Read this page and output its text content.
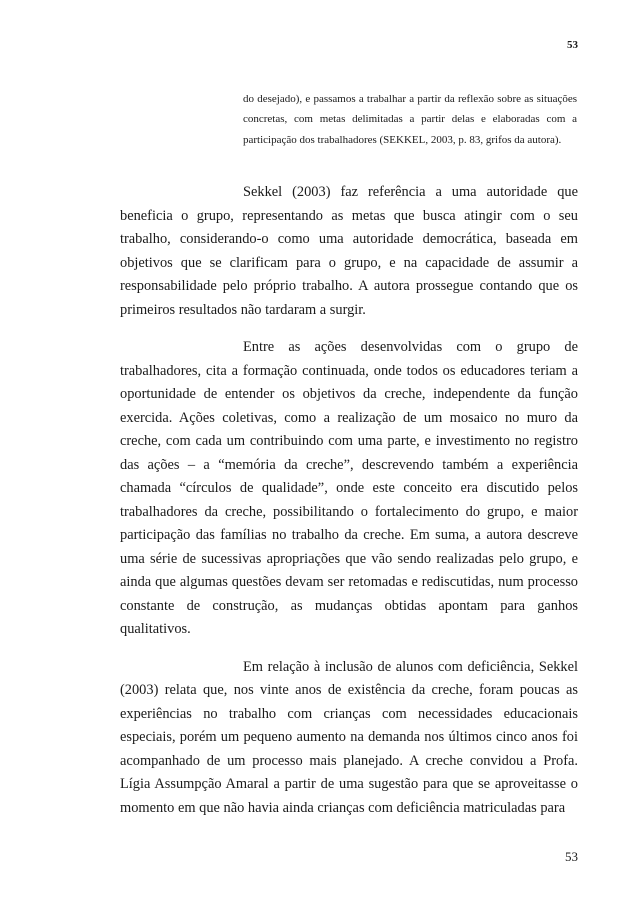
53
do desejado), e passamos a trabalhar a partir da reflexão sobre as situações concretas, com metas delimitadas a partir delas e elaboradas com a participação dos trabalhadores (SEKKEL, 2003, p. 83, grifos da autora).

Sekkel (2003) faz referência a uma autoridade que beneficia o grupo, representando as metas que busca atingir com o seu trabalho, considerando-o como uma autoridade democrática, baseada em objetivos que se clarificam para o grupo, e na capacidade de assumir a responsabilidade pelo próprio trabalho. A autora prossegue contando que os primeiros resultados não tardaram a surgir.

Entre as ações desenvolvidas com o grupo de trabalhadores, cita a formação continuada, onde todos os educadores teriam a oportunidade de entender os objetivos da creche, independente da função exercida. Ações coletivas, como a realização de um mosaico no muro da creche, com cada um contribuindo com uma parte, e investimento no registro das ações – a “memória da creche”, descrevendo também a experiência chamada “círculos de qualidade”, onde este conceito era discutido pelos trabalhadores da creche, possibilitando o fortalecimento do grupo, e maior participação das famílias no trabalho da creche. Em suma, a autora descreve uma série de sucessivas apropriações que vão sendo realizadas pelo grupo, e ainda que algumas questões devam ser retomadas e rediscutidas, num processo constante de construção, as mudanças obtidas apontam para ganhos qualitativos.

Em relação à inclusão de alunos com deficiência, Sekkel (2003) relata que, nos vinte anos de existência da creche, foram poucas as experiências no trabalho com crianças com necessidades educacionais especiais, porém um pequeno aumento na demanda nos últimos cinco anos foi acompanhado de um processo mais planejado. A creche convidou a Profa. Lígia Assumpção Amaral a partir de uma sugestão para que se aproveitasse o momento em que não havia ainda crianças com deficiência matriculadas para

53
